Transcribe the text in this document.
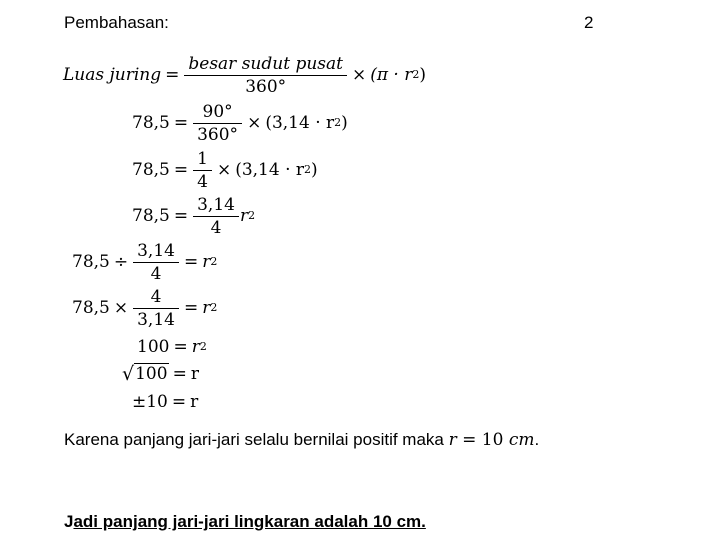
Pembahasan:	2
Luas juring = $\frac{\text{besar sudut pusat}}{360^\circ} \times (\pi \cdot r$ 2 )
$78,5 = \frac{90^\circ}{360^\circ} \times (3,14 \cdot r$ 2 )
$78,5 = \frac{1}{4} \times (3,14 \cdot r$ 2 )
$78,5 = \frac{3,14}{4}$ r 2
$78,5 \div \frac{3,14}{4} = r$ 2
$78,5 \times \frac{4}{3,14} = r$ 2
100 = r 2
√ 100 = r
±10 = r
Karena panjang jari-jari selalu bernilai positif maka r = 10 cm.
Jadi panjang jari-jari lingkaran adalah 10 cm.
